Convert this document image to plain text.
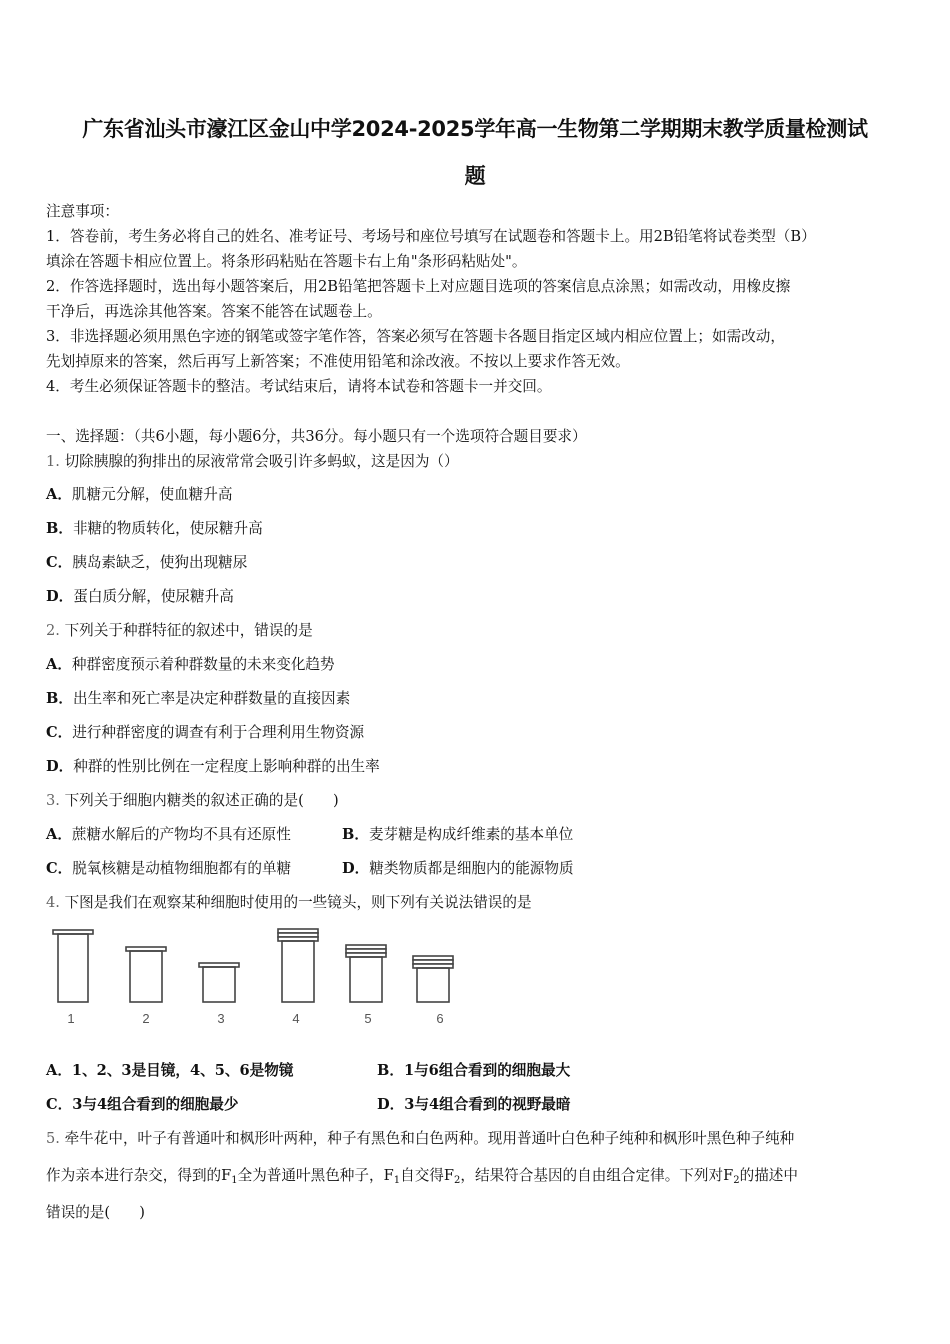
广东省汕头市濠江区金山中学2024-2025学年高一生物第二学期期末教学质量检测试
题
注意事项：
1．答卷前，考生务必将自己的姓名、准考证号、考场号和座位号填写在试题卷和答题卡上。用2B铅笔将试卷类型（B）
填涂在答题卡相应位置上。将条形码粘贴在答题卡右上角"条形码粘贴处"。
2．作答选择题时，选出每小题答案后，用2B铅笔把答题卡上对应题目选项的答案信息点涂黑；如需改动，用橡皮擦
干净后，再选涂其他答案。答案不能答在试题卷上。
3．非选择题必须用黑色字迹的钢笔或签字笔作答，答案必须写在答题卡各题目指定区域内相应位置上；如需改动，
先划掉原来的答案，然后再写上新答案；不准使用铅笔和涂改液。不按以上要求作答无效。
4．考生必须保证答题卡的整洁。考试结束后，请将本试卷和答题卡一并交回。
一、选择题：（共6小题，每小题6分，共36分。每小题只有一个选项符合题目要求）
1. 切除胰腺的狗排出的尿液常常会吸引许多蚂蚁，这是因为（）
A．肌糖元分解，使血糖升高
B．非糖的物质转化，使尿糖升高
C．胰岛素缺乏，使狗出现糖尿
D．蛋白质分解，使尿糖升高
2. 下列关于种群特征的叙述中，错误的是
A．种群密度预示着种群数量的未来变化趋势
B．出生率和死亡率是决定种群数量的直接因素
C．进行种群密度的调查有利于合理利用生物资源
D．种群的性别比例在一定程度上影响种群的出生率
3. 下列关于细胞内糖类的叙述正确的是(　　)
A．蔗糖水解后的产物均不具有还原性	B．麦芽糖是构成纤维素的基本单位
C．脱氧核糖是动植物细胞都有的单糖	D．糖类物质都是细胞内的能源物质
4. 下图是我们在观察某种细胞时使用的一些镜头，则下列有关说法错误的是
1	2	3	4	5	6
A．1、2、3是目镜，4、5、6是物镜	B．1与6组合看到的细胞最大
C．3与4组合看到的细胞最少	D．3与4组合看到的视野最暗
5. 牵牛花中，叶子有普通叶和枫形叶两种，种子有黑色和白色两种。现用普通叶白色种子纯种和枫形叶黑色种子纯种
作为亲本进行杂交，得到的$F_1$全为普通叶黑色种子，$F_1$自交得$F_2$，结果符合基因的自由组合定律。下列对$F_2$的描述中
错误的是(　　)
